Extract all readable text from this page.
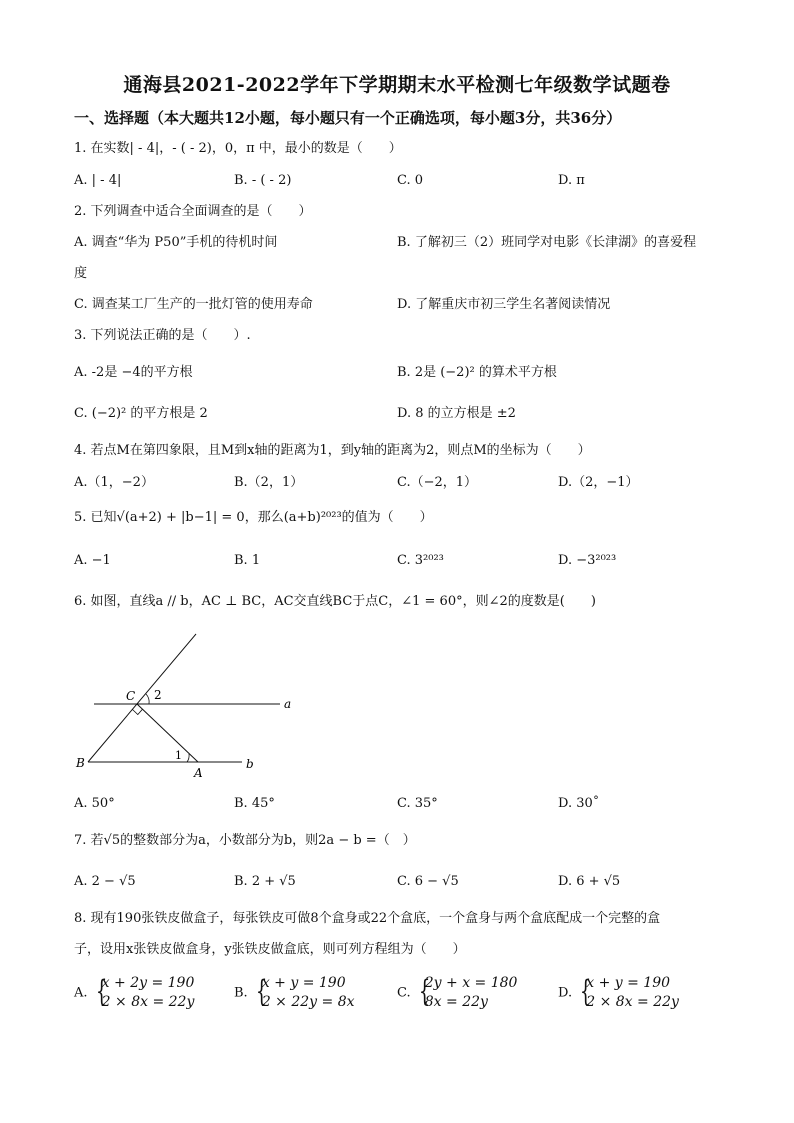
通海县2021-2022学年下学期期末水平检测七年级数学试题卷
一、选择题（本大题共12小题，每小题只有一个正确选项，每小题3分，共36分）
1. 在实数| - 4|，- ( - 2)，0，π 中，最小的数是（　　）
A. | - 4|	B. - ( - 2)	C. 0	D. π
2. 下列调查中适合全面调查的是（　　）
A. 调查“华为 P50”手机的待机时间	B. 了解初三（2）班同学对电影《长津湖》的喜爱程
度
C. 调查某工厂生产的一批灯管的使用寿命	D. 了解重庆市初三学生名著阅读情况
3. 下列说法正确的是（　　）.
A. -2是 −4的平方根	B. 2是 (−2)² 的算术平方根
C. (−2)² 的平方根是 2	D. 8 的立方根是 ±2
4. 若点M在第四象限，且M到x轴的距离为1，到y轴的距离为2，则点M的坐标为（　　）
A.（1，−2）	B.（2，1）	C.（−2，1）	D.（2，−1）
5. 已知√(a+2) + |b−1| = 0，那么(a+b)²⁰²³的值为（　　）
A. −1	B. 1	C. 3²⁰²³	D. −3²⁰²³
6. 如图，直线a // b，AC ⊥ BC，AC交直线BC于点C，∠1 = 60°，则∠2的度数是(　　)
C 2
a
1
B
A
b
A. 50°	B. 45°	C. 35°	D. 30˚
7. 若√5的整数部分为a，小数部分为b，则2a − b =（　）
A. 2 − √5	B. 2 + √5	C. 6 − √5	D. 6 + √5
8. 现有190张铁皮做盒子，每张铁皮可做8个盒身或22个盒底，一个盒身与两个盒底配成一个完整的盒
子，设用x张铁皮做盒身，y张铁皮做盒底，则可列方程组为（　　）
A. {
x + 2y = 190
2 × 8x = 22y
B. {
x + y = 190
2 × 22y = 8x
C. {
2y + x = 180
8x = 22y
D. {
x + y = 190
2 × 8x = 22y
